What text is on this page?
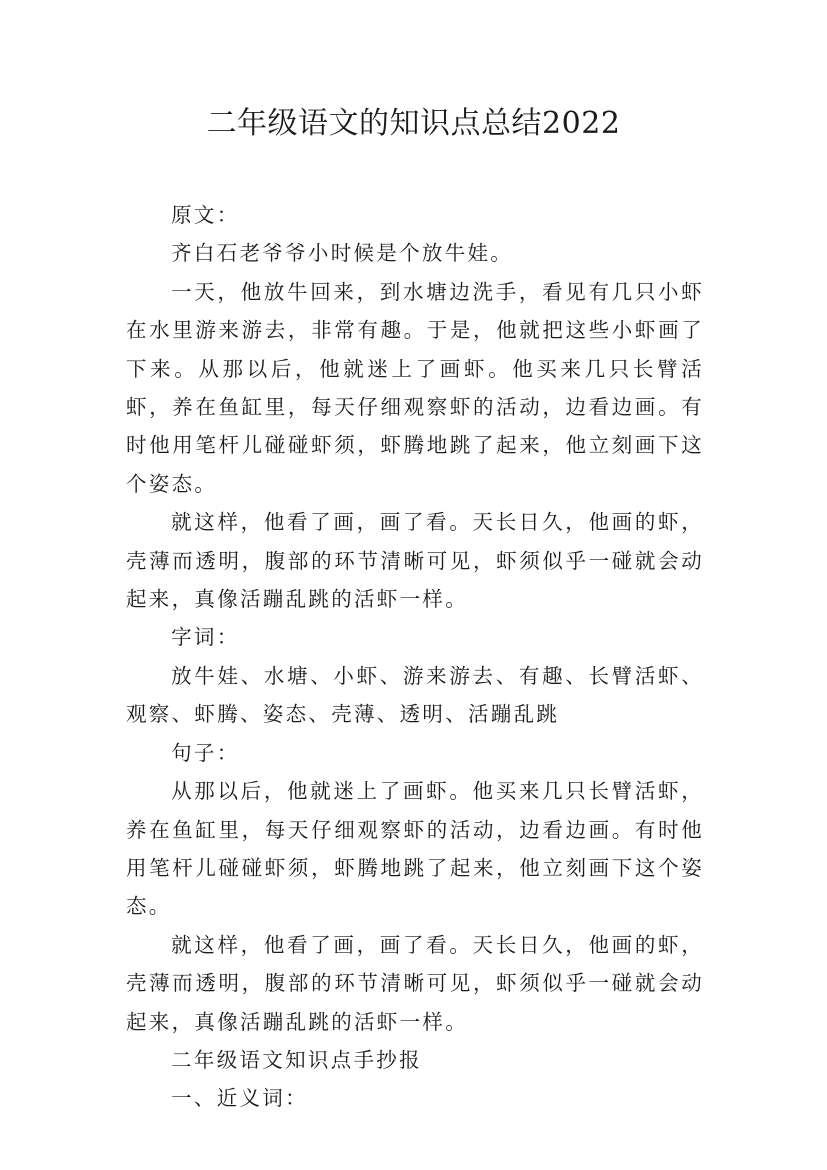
二年级语文的知识点总结2022

原文：

齐白石老爷爷小时候是个放牛娃。

一天，他放牛回来，到水塘边洗手，看见有几只小虾在水里游来游去，非常有趣。于是，他就把这些小虾画了下来。从那以后，他就迷上了画虾。他买来几只长臂活虾，养在鱼缸里，每天仔细观察虾的活动，边看边画。有时他用笔杆儿碰碰虾须，虾腾地跳了起来，他立刻画下这个姿态。

就这样，他看了画，画了看。天长日久，他画的虾，壳薄而透明，腹部的环节清晰可见，虾须似乎一碰就会动起来，真像活蹦乱跳的活虾一样。

字词：

放牛娃、水塘、小虾、游来游去、有趣、长臂活虾、观察、虾腾、姿态、壳薄、透明、活蹦乱跳

句子：

从那以后，他就迷上了画虾。他买来几只长臂活虾，养在鱼缸里，每天仔细观察虾的活动，边看边画。有时他用笔杆儿碰碰虾须，虾腾地跳了起来，他立刻画下这个姿态。

就这样，他看了画，画了看。天长日久，他画的虾，壳薄而透明，腹部的环节清晰可见，虾须似乎一碰就会动起来，真像活蹦乱跳的活虾一样。

二年级语文知识点手抄报

一、近义词：
